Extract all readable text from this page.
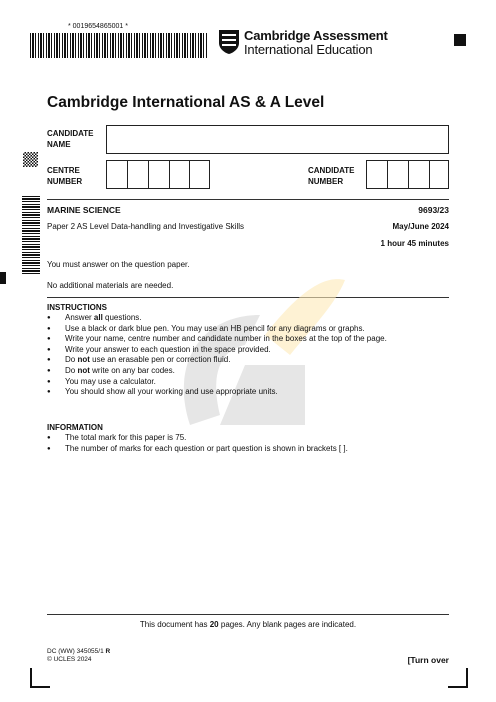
* 0019654865001 *
Cambridge Assessment
International Education
Cambridge International AS & A Level
CANDIDATE
NAME
CENTRE
NUMBER
CANDIDATE
NUMBER
MARINE SCIENCE	9693/23
Paper 2 AS Level Data-handling and Investigative Skills	May/June 2024
1 hour 45 minutes
You must answer on the question paper.
No additional materials are needed.
INSTRUCTIONS
● Answer all questions.
● Use a black or dark blue pen. You may use an HB pencil for any diagrams or graphs.
● Write your name, centre number and candidate number in the boxes at the top of the page.
● Write your answer to each question in the space provided.
● Do not use an erasable pen or correction fluid.
● Do not write on any bar codes.
● You may use a calculator.
● You should show all your working and use appropriate units.
INFORMATION
● The total mark for this paper is 75.
● The number of marks for each question or part question is shown in brackets [ ].
This document has 20 pages. Any blank pages are indicated.
DC (WW) 345055/1 R
© UCLES 2024	[Turn over
